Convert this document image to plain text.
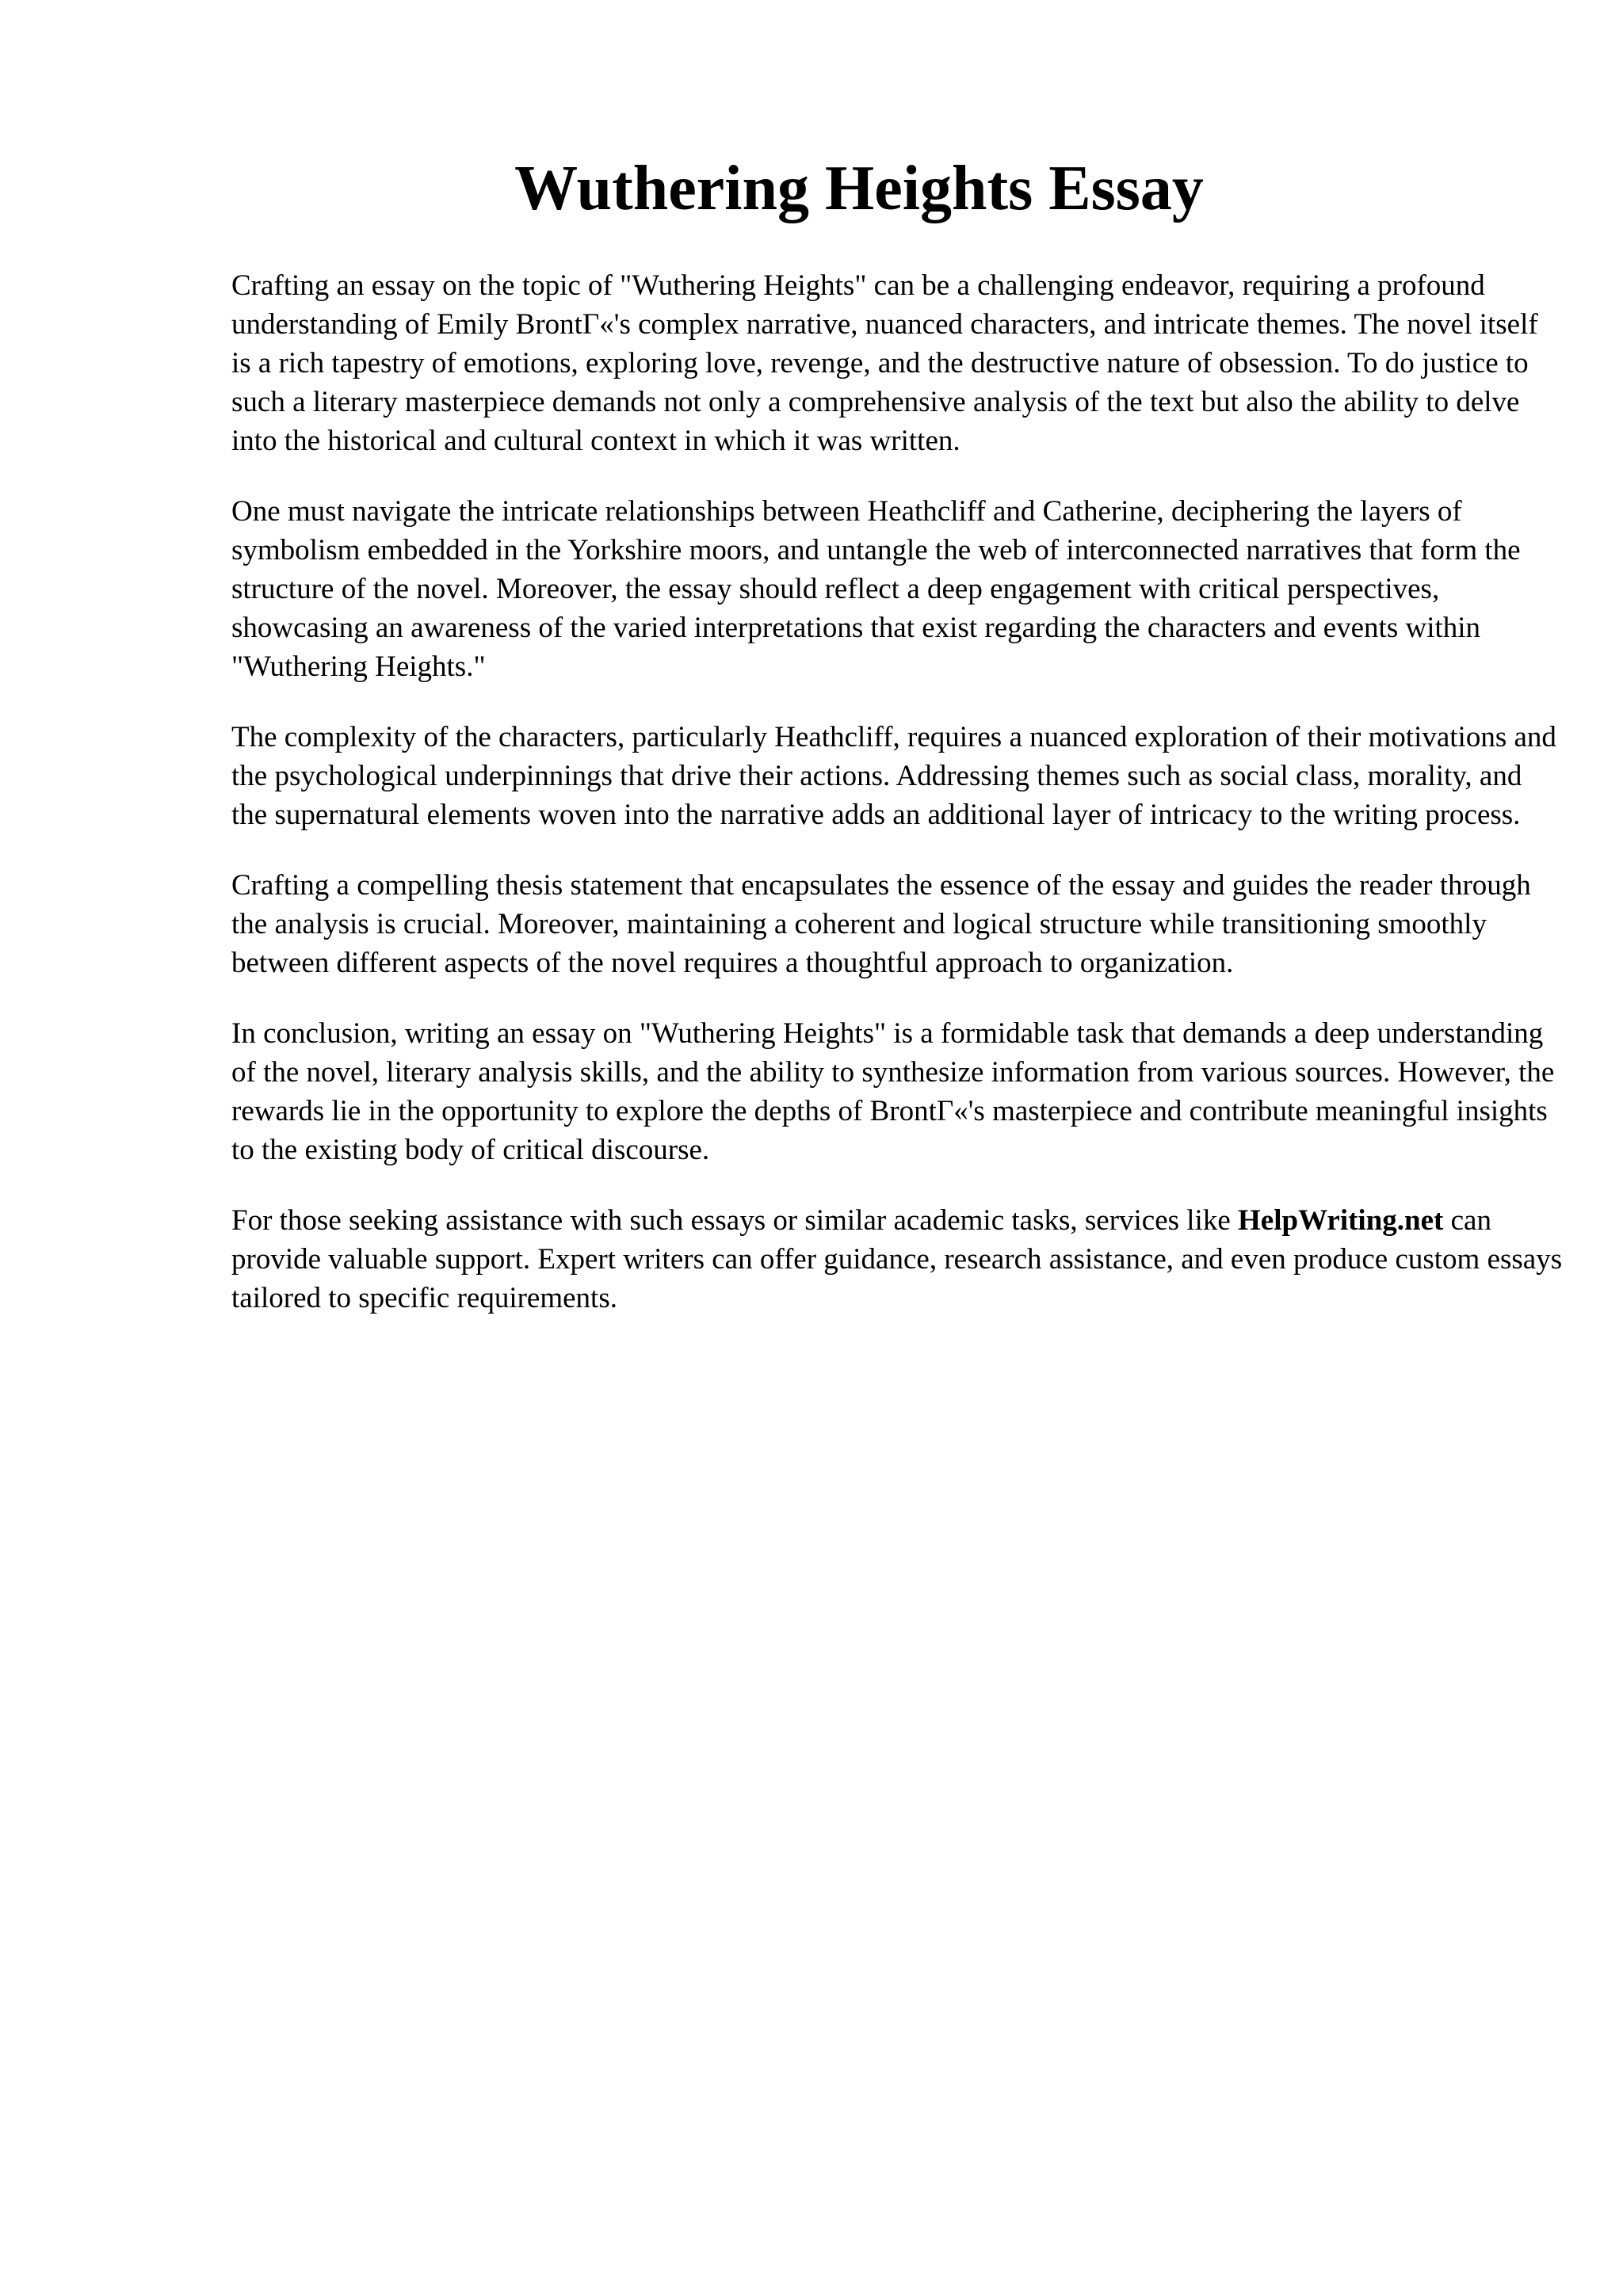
Wuthering Heights Essay

Crafting an essay on the topic of "Wuthering Heights" can be a challenging endeavor, requiring a profound understanding of Emily BrontΓ«'s complex narrative, nuanced characters, and intricate themes. The novel itself is a rich tapestry of emotions, exploring love, revenge, and the destructive nature of obsession. To do justice to such a literary masterpiece demands not only a comprehensive analysis of the text but also the ability to delve into the historical and cultural context in which it was written.

One must navigate the intricate relationships between Heathcliff and Catherine, deciphering the layers of symbolism embedded in the Yorkshire moors, and untangle the web of interconnected narratives that form the structure of the novel. Moreover, the essay should reflect a deep engagement with critical perspectives, showcasing an awareness of the varied interpretations that exist regarding the characters and events within "Wuthering Heights."

The complexity of the characters, particularly Heathcliff, requires a nuanced exploration of their motivations and the psychological underpinnings that drive their actions. Addressing themes such as social class, morality, and the supernatural elements woven into the narrative adds an additional layer of intricacy to the writing process.

Crafting a compelling thesis statement that encapsulates the essence of the essay and guides the reader through the analysis is crucial. Moreover, maintaining a coherent and logical structure while transitioning smoothly between different aspects of the novel requires a thoughtful approach to organization.

In conclusion, writing an essay on "Wuthering Heights" is a formidable task that demands a deep understanding of the novel, literary analysis skills, and the ability to synthesize information from various sources. However, the rewards lie in the opportunity to explore the depths of BrontΓ«'s masterpiece and contribute meaningful insights to the existing body of critical discourse.

For those seeking assistance with such essays or similar academic tasks, services like HelpWriting.net can provide valuable support. Expert writers can offer guidance, research assistance, and even produce custom essays tailored to specific requirements.
